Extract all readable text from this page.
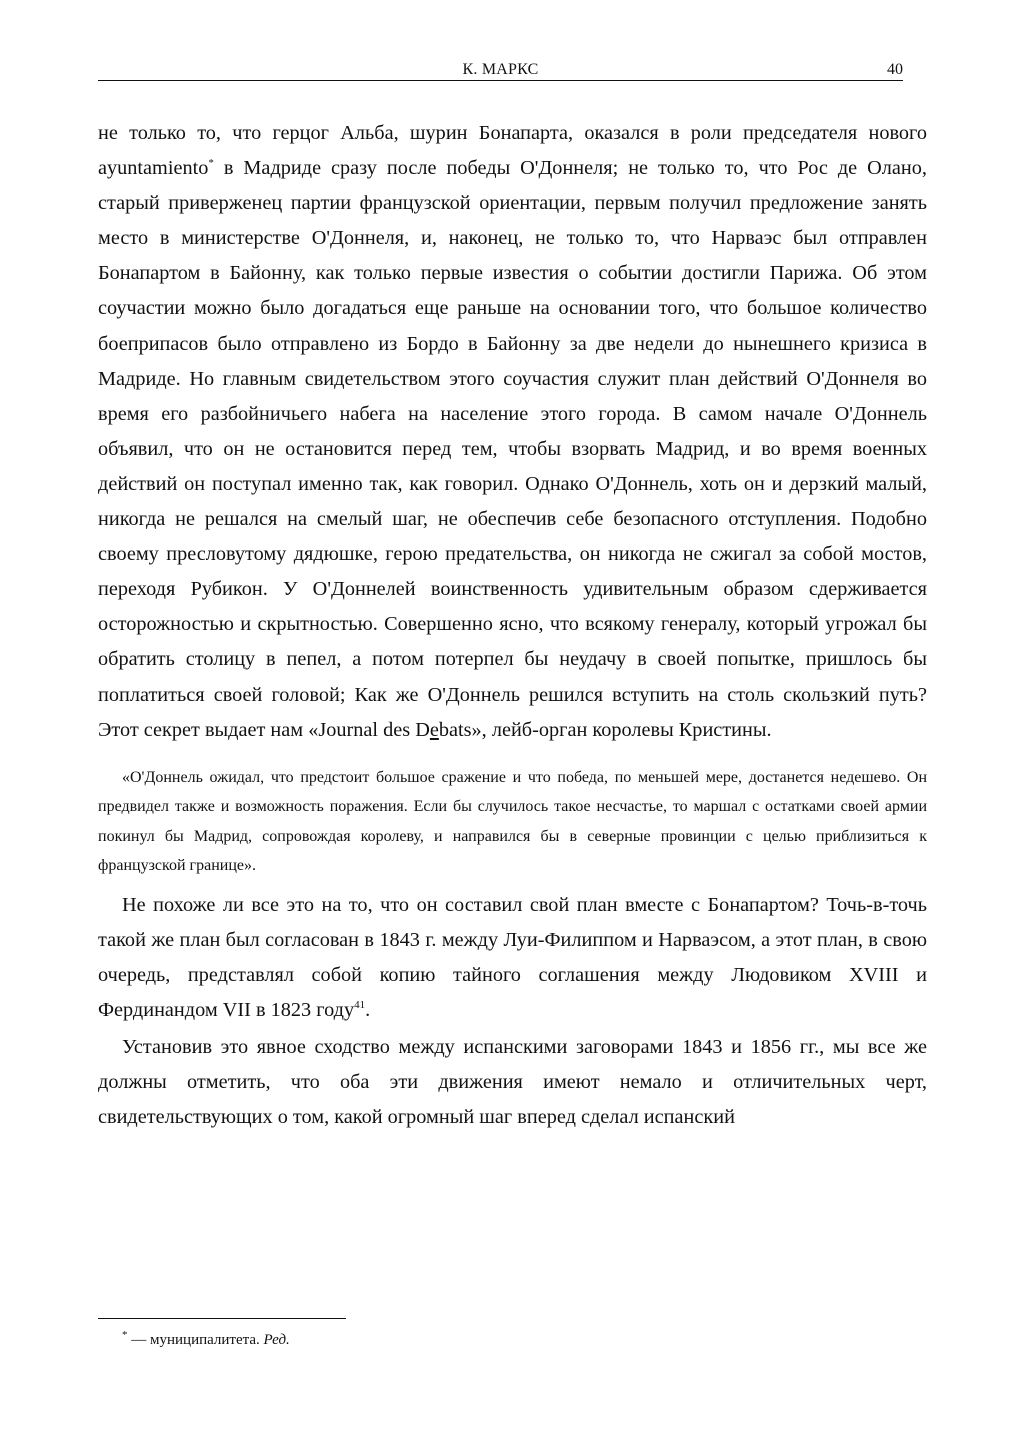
К. МАРКС	40

не только то, что герцог Альба, шурин Бонапарта, оказался в роли председателя нового ayuntamiento* в Мадриде сразу после победы О'Доннеля; не только то, что Рос де Олано, старый приверженец партии французской ориентации, первым получил предложение занять место в министерстве О'Доннеля, и, наконец, не только то, что Нарваэс был отправлен Бонапартом в Байонну, как только первые известия о событии достигли Парижа. Об этом соучастии можно было догадаться еще раньше на основании того, что большое количество боеприпасов было отправлено из Бордо в Байонну за две недели до нынешнего кризиса в Мадриде. Но главным свидетельством этого соучастия служит план действий О'Доннеля во время его разбойничьего набега на население этого города. В самом начале О'Доннель объявил, что он не остановится перед тем, чтобы взорвать Мадрид, и во время военных действий он поступал именно так, как говорил. Однако О'Доннель, хоть он и дерзкий малый, никогда не решался на смелый шаг, не обеспечив себе безопасного отступления. Подобно своему пресловутому дядюшке, герою предательства, он никогда не сжигал за собой мостов, переходя Рубикон. У О'Доннелей воинственность удивительным образом сдерживается осторожностью и скрытностью. Совершенно ясно, что всякому генералу, который угрожал бы обратить столицу в пепел, а потом потерпел бы неудачу в своей попытке, пришлось бы поплатиться своей головой; Как же О'Доннель решился вступить на столь скользкий путь? Этот секрет выдает нам «Journal des Debats», лейб-орган королевы Кристины.

«О'Доннель ожидал, что предстоит большое сражение и что победа, по меньшей мере, достанется недешево. Он предвидел также и возможность поражения. Если бы случилось такое несчастье, то маршал с остатками своей армии покинул бы Мадрид, сопровождая королеву, и направился бы в северные провинции с целью приблизиться к французской границе».

Не похоже ли все это на то, что он составил свой план вместе с Бонапартом? Точь-в-точь такой же план был согласован в 1843 г. между Луи-Филиппом и Нарваэсом, а этот план, в свою очередь, представлял собой копию тайного соглашения между Людовиком XVIII и Фердинандом VII в 1823 году$^{41}$.

Установив это явное сходство между испанскими заговорами 1843 и 1856 гг., мы все же должны отметить, что оба эти движения имеют немало и отличительных черт, свидетельствующих о том, какой огромный шаг вперед сделал испанский

* — муниципалитета. Ред.
